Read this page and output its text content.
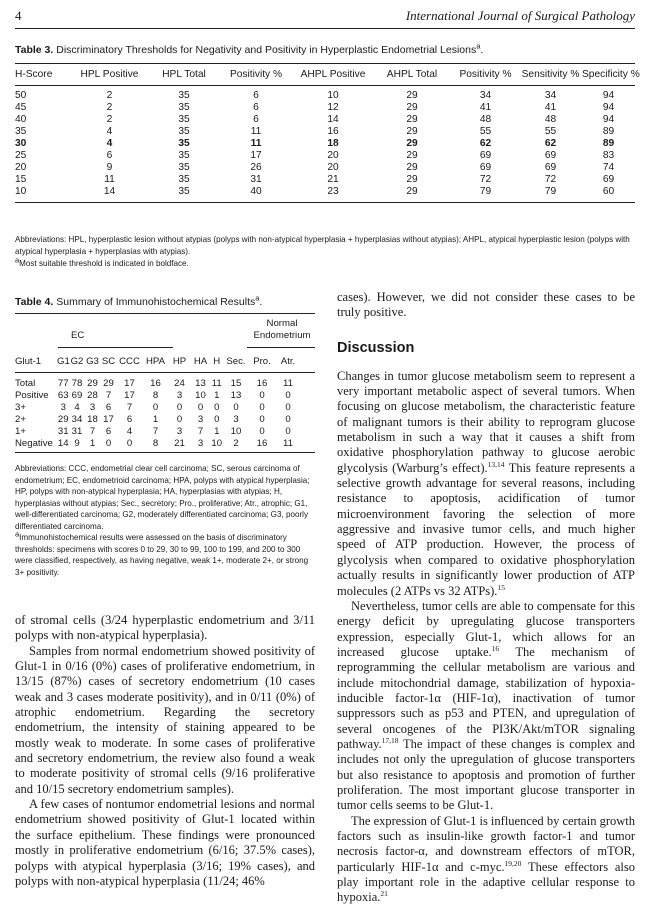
4	International Journal of Surgical Pathology
Table 3. Discriminatory Thresholds for Negativity and Positivity in Hyperplastic Endometrial Lesions$^a$.
H-Score	HPL Positive	HPL Total	Positivity %	AHPL Positive	AHPL Total	Positivity % Sensitivity % Specificity %
50	2	35	6	10	29	34	34	94
45	2	35	6	12	29	41	41	94
40	2	35	6	14	29	48	48	94
35	4	35	11	16	29	55	55	89
30	4	35	11	18	29	62	62	89
25	6	35	17	20	29	69	69	83
20	9	35	26	20	29	69	69	74
15	11	35	31	21	29	72	72	69
10	14	35	40	23	29	79	79	60
Abbreviations: HPL, hyperplastic lesion without atypias (polyps with non-atypical hyperplasia + hyperplasias without atypias); AHPL, atypical hyperplastic lesion (polyps with atypical hyperplasia + hyperplasias with atypias).
$^a$Most suitable threshold is indicated in boldface.
Table 4. Summary of Immunohistochemical Results$^a$.
EC
Normal
Endometrium
Glut-1	G1 G2 G3 SC CCC HPA HP HA H Sec. Pro.	Atr.
Total	77 78 29 29	17	16	24	13 11 15	16	11
Positive 63 69 28 7	17	8	3	10 1	13	0	0
3+	3 4	3	6	7	0	0	0	0	0	0	0
2+	29 34 18 17	6	1	0	3	0	3	0	0
1+	31 31 7	6	4	7	3	7	1	10	0	0
Negative 14 9	1	0	0	8	21	3 10	2	16	11
Abbreviations: CCC, endometrial clear cell carcinoma; SC, serous carcinoma of endometrium; EC, endometrioid carcinoma; HPA, polyps with atypical hyperplasia; HP, polyps with non-atypical hyperplasia; HA, hyperplasias with atypias; H, hyperplasias without atypias; Sec., secretory; Pro., proliferative; Atr., atrophic; G1, well-differentiated carcinoma; G2, moderately differentiated carcinoma; G3, poorly differentiated carcinoma.
$^a$Immunohistochemical results were assessed on the basis of discriminatory thresholds: specimens with scores 0 to 29, 30 to 99, 100 to 199, and 200 to 300 were classified, respectively, as having negative, weak 1+, moderate 2+, or strong 3+ positivity.
of stromal cells (3/24 hyperplastic endometrium and 3/11 polyps with non-atypical hyperplasia).
Samples from normal endometrium showed positivity of Glut-1 in 0/16 (0%) cases of proliferative endometrium, in 13/15 (87%) cases of secretory endometrium (10 cases weak and 3 cases moderate positivity), and in 0/11 (0%) of atrophic endometrium. Regarding the secretory endometrium, the intensity of staining appeared to be mostly weak to moderate. In some cases of proliferative and secretory endometrium, the review also found a weak to moderate positivity of stromal cells (9/16 proliferative and 10/15 secretory endometrium samples).
A few cases of nontumor endometrial lesions and normal endometrium showed positivity of Glut-1 located within the surface epithelium. These findings were pronounced mostly in proliferative endometrium (6/16; 37.5% cases), polyps with atypical hyperplasia (3/16; 19% cases), and polyps with non-atypical hyperplasia (11/24; 46%
cases). However, we did not consider these cases to be truly positive.
Discussion
Changes in tumor glucose metabolism seem to represent a very important metabolic aspect of several tumors. When focusing on glucose metabolism, the characteristic feature of malignant tumors is their ability to reprogram glucose metabolism in such a way that it causes a shift from oxidative phosphorylation pathway to glucose aerobic glycolysis (Warburg’s effect).$^{13,14}$ This feature represents a selective growth advantage for several reasons, including resistance to apoptosis, acidification of tumor microenvironment favoring the selection of more aggressive and invasive tumor cells, and much higher speed of ATP production. However, the process of glycolysis when compared to oxidative phosphorylation actually results in significantly lower production of ATP molecules (2 ATPs vs 32 ATPs).$^{15}$
Nevertheless, tumor cells are able to compensate for this energy deficit by upregulating glucose transporters expression, especially Glut-1, which allows for an increased glucose uptake.$^{16}$ The mechanism of reprogramming the cellular metabolism are various and include mitochondrial damage, stabilization of hypoxia-inducible factor-1α (HIF-1α), inactivation of tumor suppressors such as p53 and PTEN, and upregulation of several oncogenes of the PI3K/Akt/mTOR signaling pathway.$^{17,18}$ The impact of these changes is complex and includes not only the upregulation of glucose transporters but also resistance to apoptosis and promotion of further proliferation. The most important glucose transporter in tumor cells seems to be Glut-1.
The expression of Glut-1 is influenced by certain growth factors such as insulin-like growth factor-1 and tumor necrosis factor-α, and downstream effectors of mTOR, particularly HIF-1α and c-myc.$^{19,20}$ These effectors also play important role in the adaptive cellular response to hypoxia.$^{21}$
